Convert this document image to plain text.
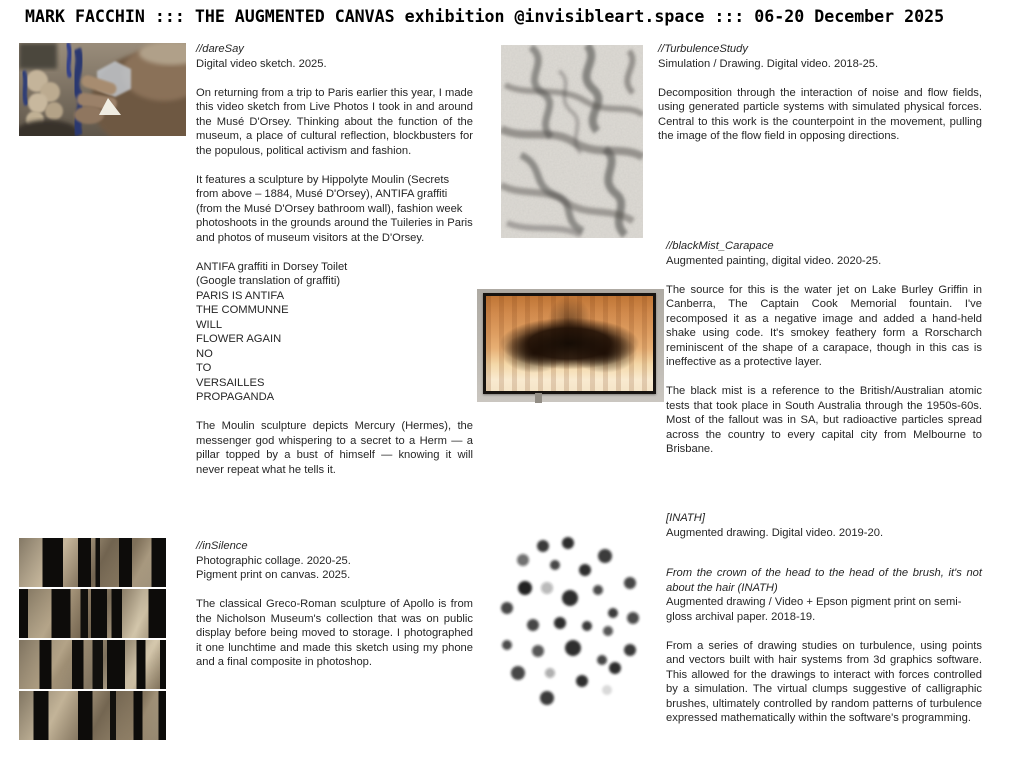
MARK FACCHIN ::: THE AUGMENTED CANVAS exhibition @invisibleart.space ::: 06-20 December 2025
//dareSay
Digital video sketch. 2025.

On returning from a trip to Paris earlier this year, I made this video sketch from Live Photos I took in and around the Musé D'Orsey. Thinking about the function of the museum, a place of cultural reflection, blockbusters for the populous, political activism and fashion.

It features a sculpture by Hippolyte Moulin (Secrets from above – 1884, Musé D'Orsey), ANTIFA graffiti (from the Musé D'Orsey bathroom wall), fashion week photoshoots in the grounds around the Tuileries in Paris and photos of museum visitors at the D'Orsey.

ANTIFA graffiti in Dorsey Toilet
(Google translation of graffiti)
PARIS IS ANTIFA
THE COMMUNNE
WILL
FLOWER AGAIN
NO
TO
VERSAILLES
PROPAGANDA

The Moulin sculpture depicts Mercury (Hermes), the messenger god whispering to a secret to a Herm — a pillar topped by a bust of himself — knowing it will never repeat what he tells it.

//TurbulenceStudy
Simulation / Drawing. Digital video. 2018-25.

Decomposition through the interaction of noise and flow fields, using generated particle systems with simulated physical forces. Central to this work is the counterpoint in the movement, pulling the image of the flow field in opposing directions.

//blackMist_Carapace
Augmented painting, digital video. 2020-25.

The source for this is the water jet on Lake Burley Griffin in Canberra, The Captain Cook Memorial fountain. I've recomposed it as a negative image and added a hand-held shake using code. It's smokey feathery form a Rorscharch reminiscent of the shape of a carapace, though in this cas is ineffective as a protective layer.

The black mist is a reference to the British/Australian atomic tests that took place in South Australia through the 1950s-60s. Most of the fallout was in SA, but radioactive particles spread across the country to every capital city from Melbourne to Brisbane.

//inSilence
Photographic collage. 2020-25.
Pigment print on canvas. 2025.

The classical Greco-Roman sculpture of Apollo is from the Nicholson Museum's collection that was on public display before being moved to storage. I photographed it one lunchtime and made this sketch using my phone and a final composite in photoshop.

[INATH]
Augmented drawing. Digital video. 2019-20.

From the crown of the head to the head of the brush, it's not about the hair (INATH)

Augmented drawing / Video + Epson pigment print on semi-gloss archival paper. 2018-19.

From a series of drawing studies on turbulence, using points and vectors built with hair systems from 3d graphics software. This allowed for the drawings to interact with forces controlled by a simulation. The virtual clumps suggestive of calligraphic brushes, ultimately controlled by random patterns of turbulence expressed mathematically within the software's programming.
